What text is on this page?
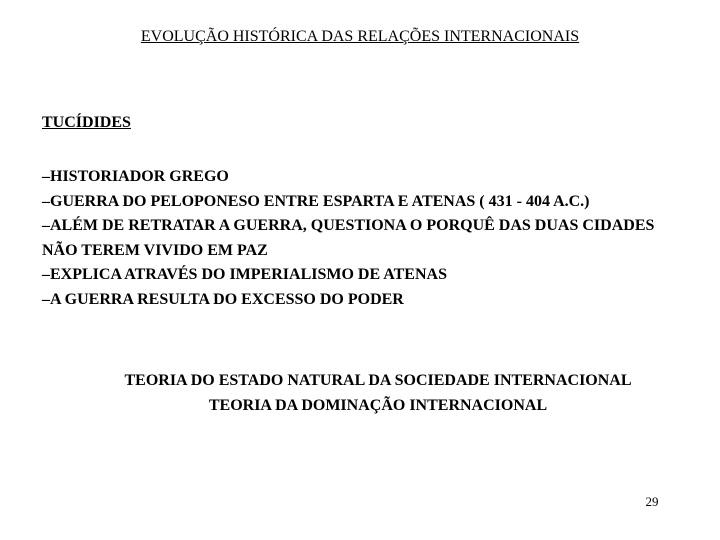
EVOLUÇÃO HISTÓRICA DAS RELAÇÕES INTERNACIONAIS
TUCÍDIDES
–HISTORIADOR GREGO
–GUERRA DO PELOPONESO ENTRE ESPARTA E ATENAS ( 431 - 404 A.C.)
–ALÉM DE RETRATAR A GUERRA, QUESTIONA O PORQUÊ DAS DUAS CIDADES NÃO TEREM VIVIDO EM PAZ
–EXPLICA ATRAVÉS DO IMPERIALISMO DE ATENAS
–A GUERRA RESULTA DO EXCESSO DO PODER
TEORIA DO ESTADO NATURAL DA SOCIEDADE INTERNACIONAL
TEORIA DA DOMINAÇÃO INTERNACIONAL
29
